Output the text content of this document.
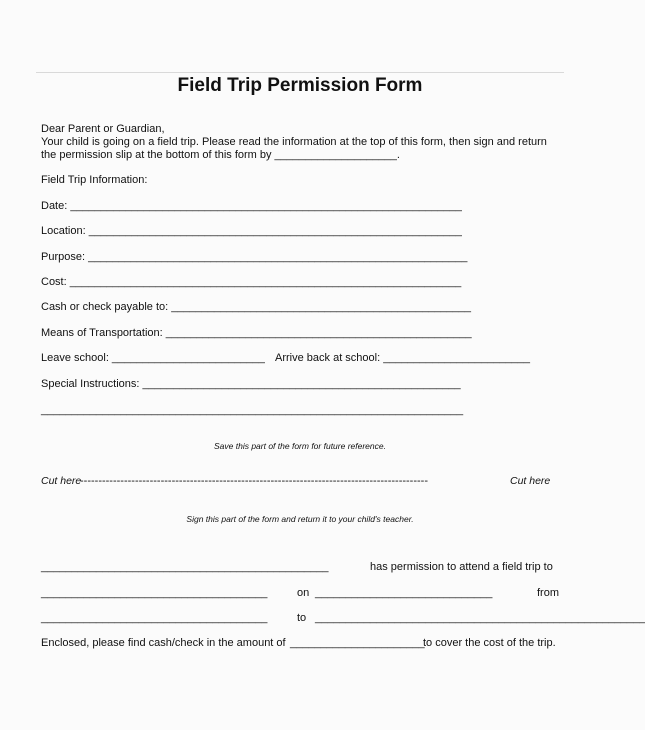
Field Trip Permission Form
Dear Parent or Guardian,
Your child is going on a field trip. Please read the information at the top of this form, then sign and return
the permission slip at the bottom of this form by ____________________.
Field Trip Information:
Date: ________________________________________________________________
Location: _____________________________________________________________
Purpose: ______________________________________________________________
Cost: ________________________________________________________________
Cash or check payable to: _________________________________________________
Means of Transportation: __________________________________________________
Leave school: _________________________ Arrive back at school: ________________________
Special Instructions: ____________________________________________________
_____________________________________________________________________
Save this part of the form for future reference.
Cut here
-----------------------------------------------------------------------------------------------	Cut here
Sign this part of the form and return it to your child's teacher.
_______________________________________________	has permission to attend a field trip to
_____________________________________	on _____________________________	from
_____________________________________	to ______________________________________________________
Enclosed, please find cash/check in the amount of ______________________
to cover the cost of the trip.
